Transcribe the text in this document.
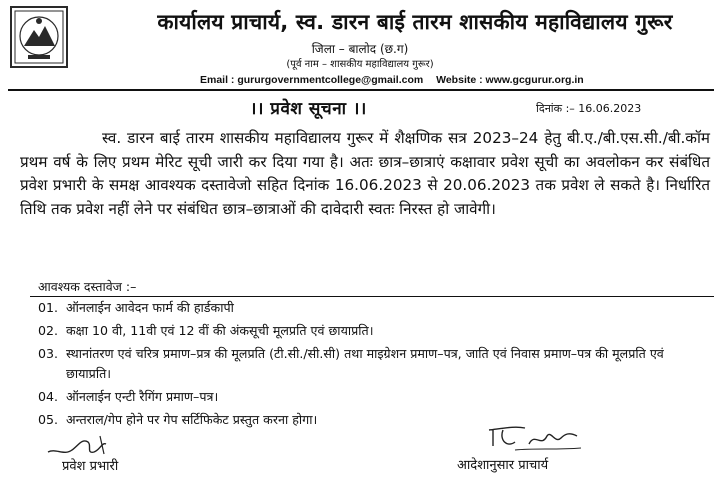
कार्यालय प्राचार्य, स्व. डारन बाई तारम शासकीय महाविद्यालय गुरूर
जिला – बालोद (छ.ग)
(पूर्व नाम – शासकीय महाविद्यालय गुरूर)
Email : gururgovernmentcollege@gmail.com Website : www.gcgurur.org.in
।। प्रवेश सूचना ।।	दिनांक :– 16.06.2023
स्व. डारन बाई तारम शासकीय महाविद्यालय गुरूर में शैक्षणिक सत्र 2023–24 हेतु बी.ए./बी.एस.सी./बी.कॉम प्रथम वर्ष के लिए प्रथम मेरिट सूची जारी कर दिया गया है। अतः छात्र–छात्राएं कक्षावार प्रवेश सूची का अवलोकन कर संबंधित प्रवेश प्रभारी के समक्ष आवश्यक दस्तावेजो सहित दिनांक 16.06.2023 से 20.06.2023 तक प्रवेश ले सकते है। निर्धारित तिथि तक प्रवेश नहीं लेने पर संबंधित छात्र–छात्राओं की दावेदारी स्वतः निरस्त हो जावेगी।
आवश्यक दस्तावेज :–
01. ऑनलाईन आवेदन फार्म की हार्डकापी
02. कक्षा 10 वी, 11वी एवं 12 वीं की अंकसूची मूलप्रति एवं छायाप्रति।
03. स्थानांतरण एवं चरित्र प्रमाण–प्रत्र की मूलप्रति (टी.सी./सी.सी) तथा माइग्रेशन प्रमाण–पत्र, जाति एवं निवास प्रमाण–पत्र की मूलप्रति एवं छायाप्रति।
04. ऑनलाईन एन्टी रैगिंग प्रमाण–पत्र।
05. अन्तराल/गेप होने पर गेप सर्टिफिकेट प्रस्तुत करना होगा।
प्रवेश प्रभारी	आदेशानुसार प्राचार्य
